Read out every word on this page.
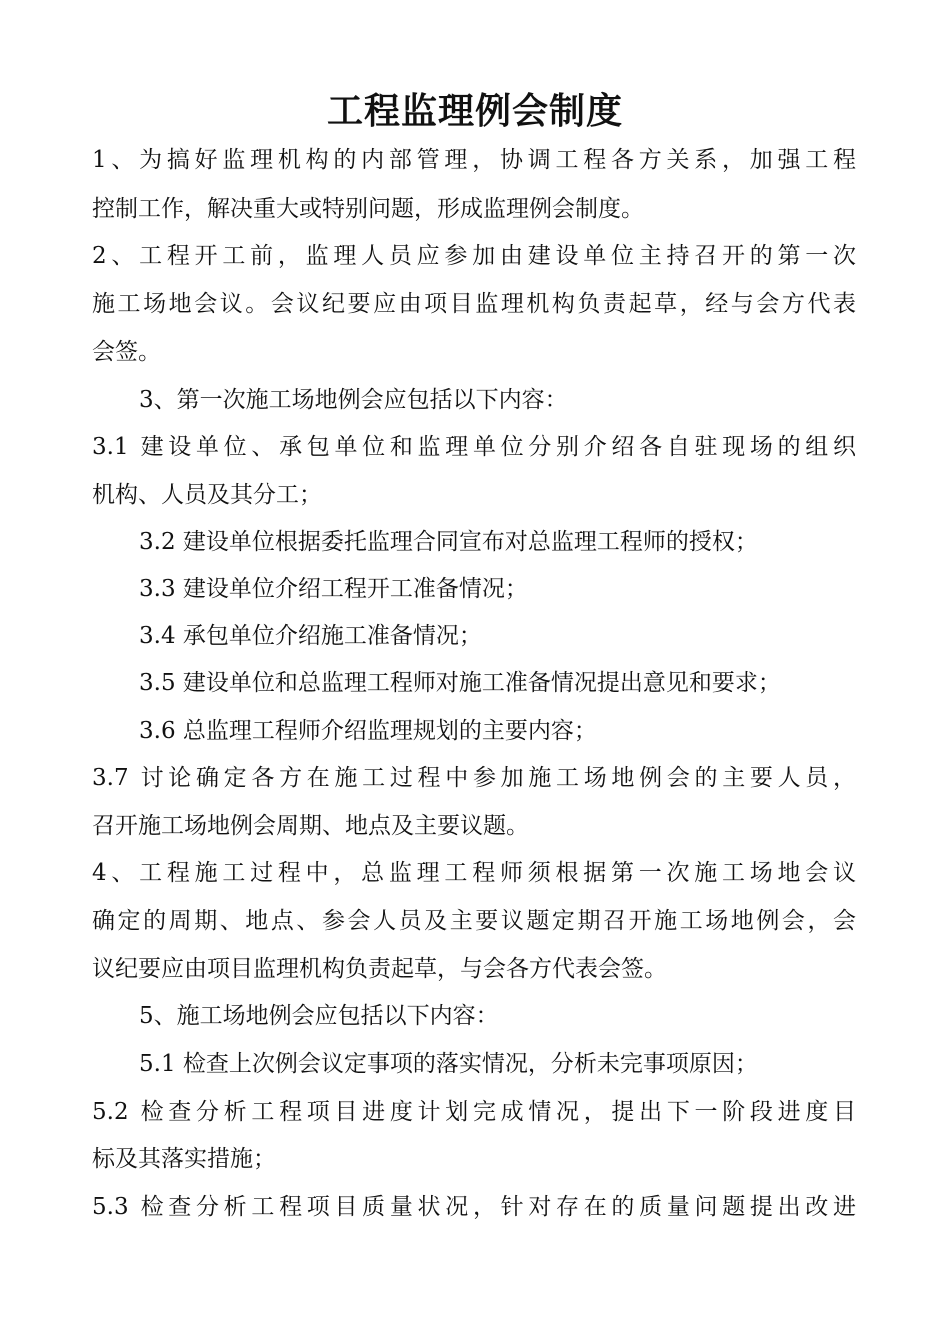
工程监理例会制度
1、为搞好监理机构的内部管理，协调工程各方关系，加强工程
控制工作，解决重大或特别问题，形成监理例会制度。
2、工程开工前，监理人员应参加由建设单位主持召开的第一次
施工场地会议。会议纪要应由项目监理机构负责起草，经与会方代表
会签。
3、第一次施工场地例会应包括以下内容：
3.1 建设单位、承包单位和监理单位分别介绍各自驻现场的组织
机构、人员及其分工；
3.2 建设单位根据委托监理合同宣布对总监理工程师的授权；
3.3 建设单位介绍工程开工准备情况；
3.4 承包单位介绍施工准备情况；
3.5 建设单位和总监理工程师对施工准备情况提出意见和要求；
3.6 总监理工程师介绍监理规划的主要内容；
3.7 讨论确定各方在施工过程中参加施工场地例会的主要人员，
召开施工场地例会周期、地点及主要议题。
4、工程施工过程中，总监理工程师须根据第一次施工场地会议
确定的周期、地点、参会人员及主要议题定期召开施工场地例会，会
议纪要应由项目监理机构负责起草，与会各方代表会签。
5、施工场地例会应包括以下内容：
5.1 检查上次例会议定事项的落实情况，分析未完事项原因；
5.2 检查分析工程项目进度计划完成情况，提出下一阶段进度目
标及其落实措施；
5.3 检查分析工程项目质量状况，针对存在的质量问题提出改进
